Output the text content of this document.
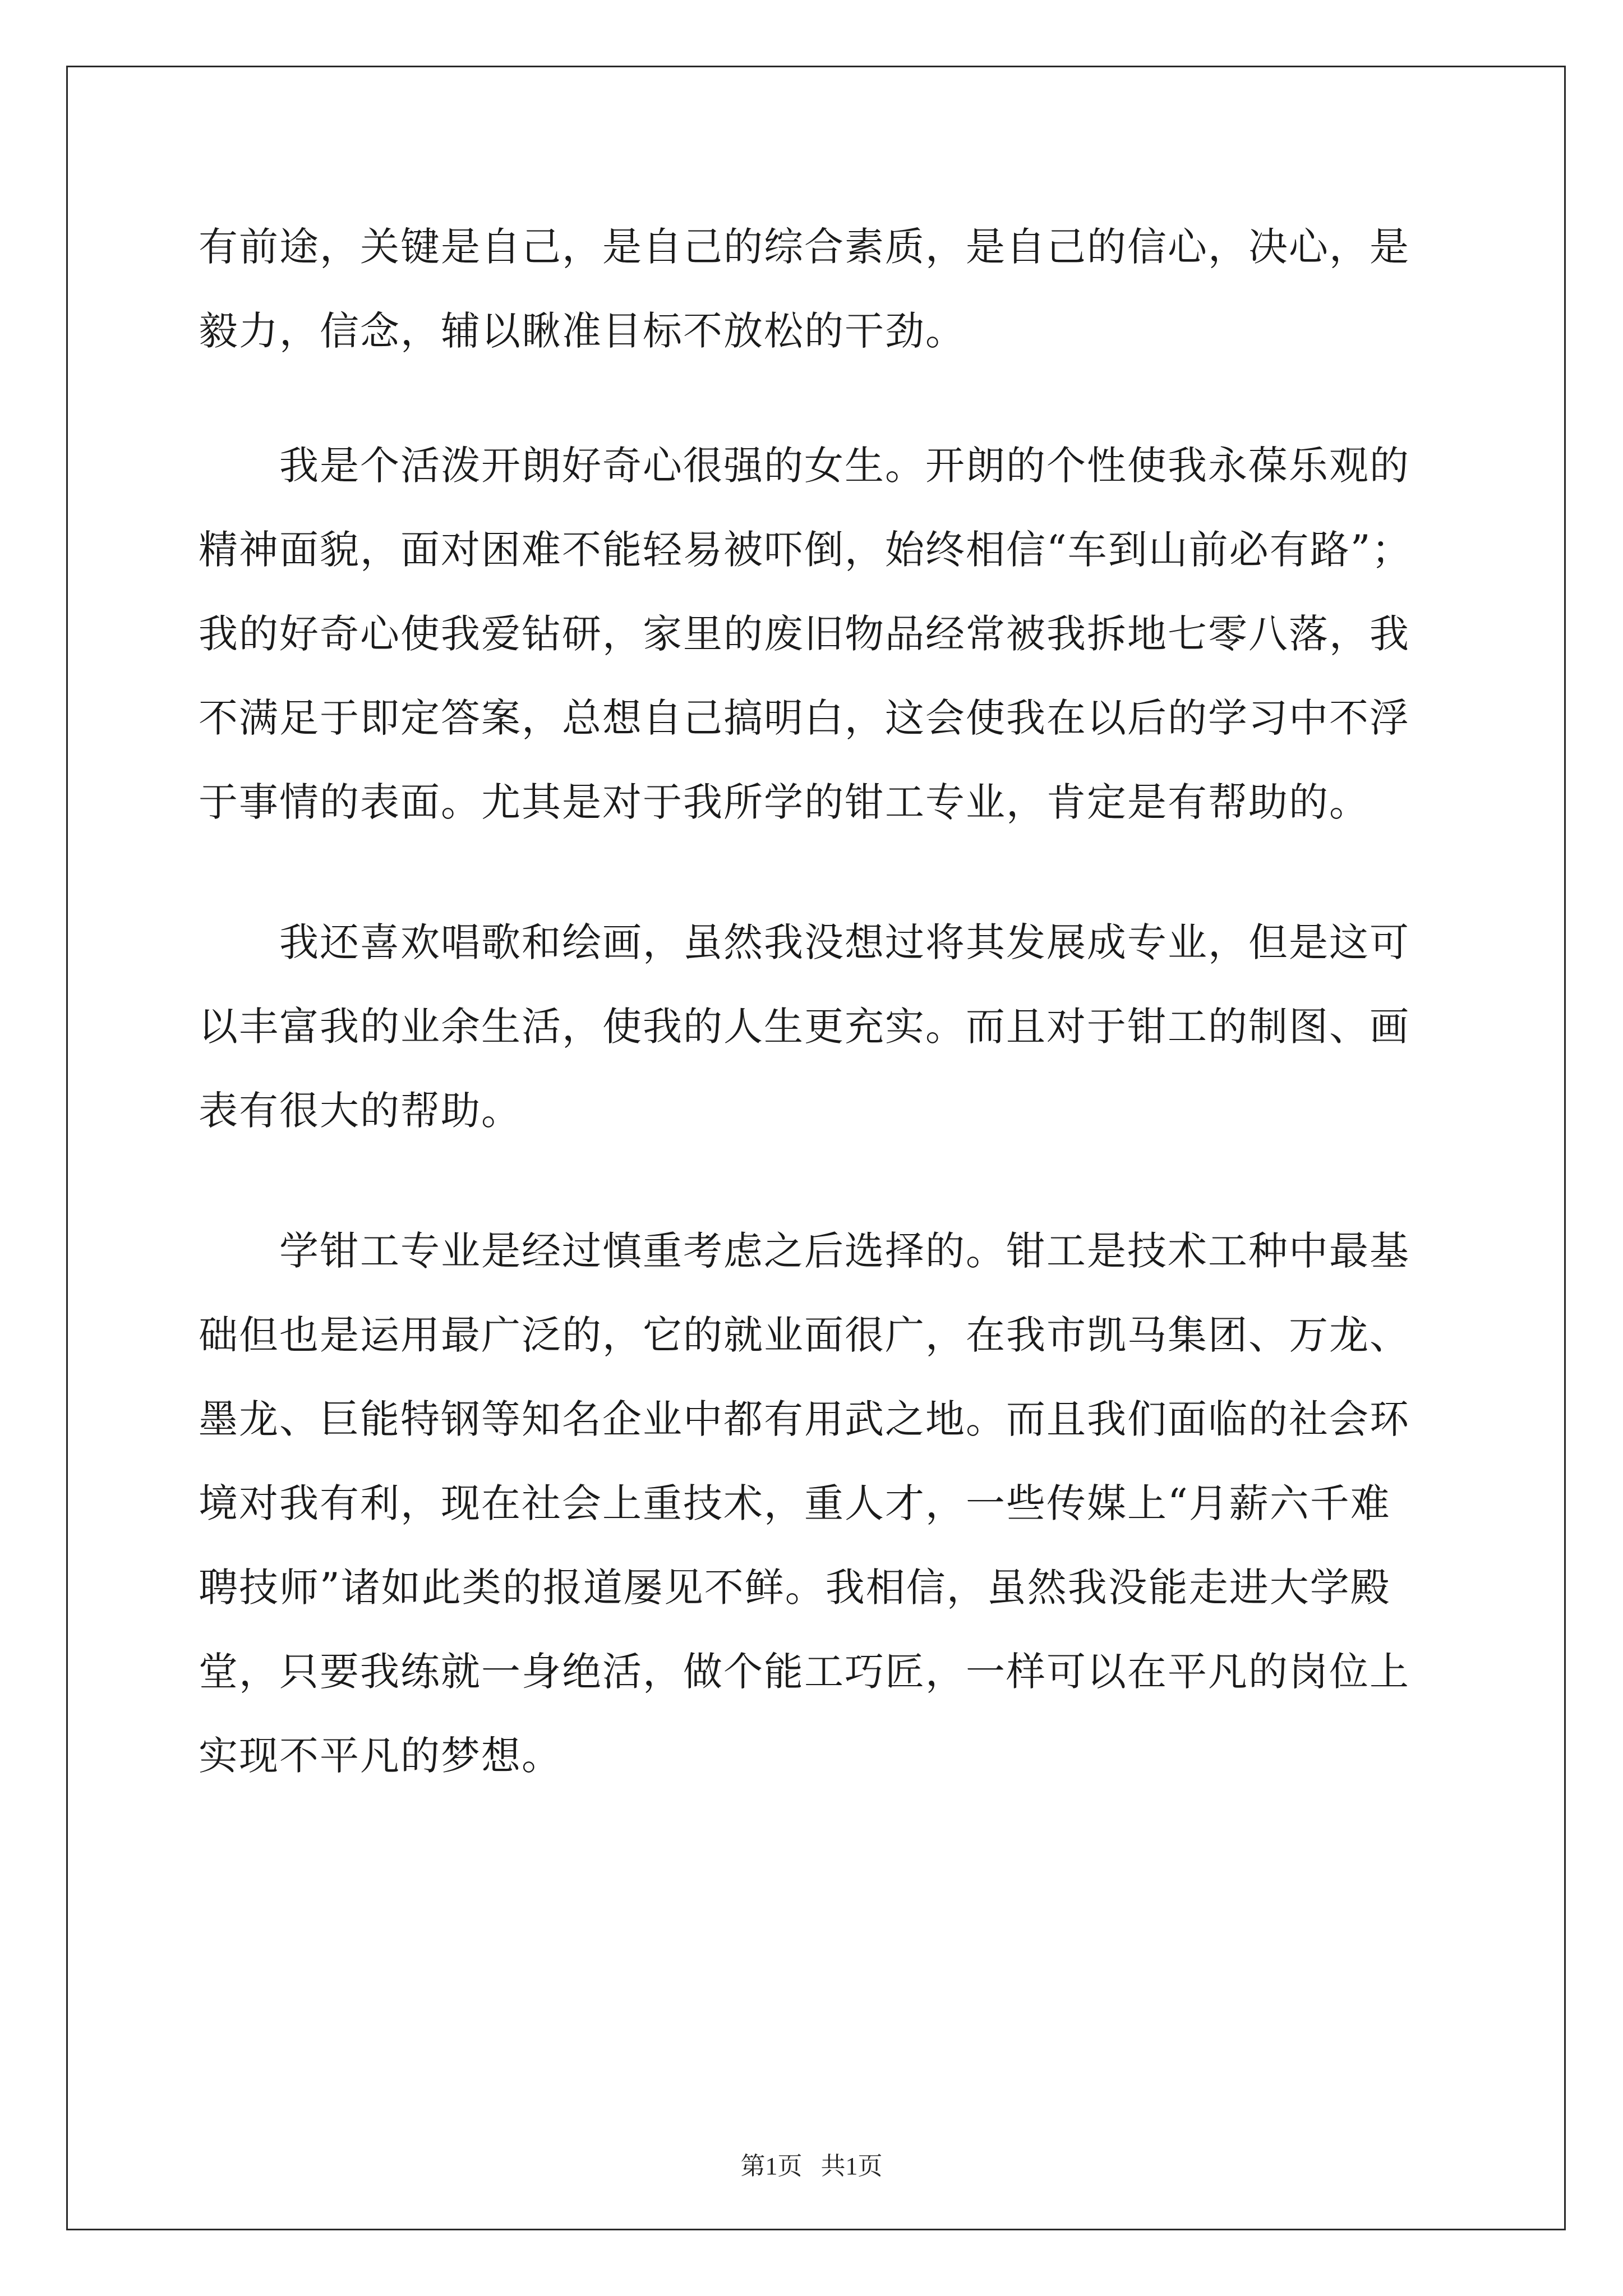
有前途，关键是自己，是自己的综合素质，是自己的信心，决心，是
毅力，信念，辅以瞅准目标不放松的干劲。
　　我是个活泼开朗好奇心很强的女生。开朗的个性使我永葆乐观的
精神面貌，面对困难不能轻易被吓倒，始终相信“车到山前必有路”；
我的好奇心使我爱钻研，家里的废旧物品经常被我拆地七零八落，我
不满足于即定答案，总想自己搞明白，这会使我在以后的学习中不浮
于事情的表面。尤其是对于我所学的钳工专业，肯定是有帮助的。
　　我还喜欢唱歌和绘画，虽然我没想过将其发展成专业，但是这可
以丰富我的业余生活，使我的人生更充实。而且对于钳工的制图、画
表有很大的帮助。
　　学钳工专业是经过慎重考虑之后选择的。钳工是技术工种中最基
础但也是运用最广泛的，它的就业面很广，在我市凯马集团、万龙、
墨龙、巨能特钢等知名企业中都有用武之地。而且我们面临的社会环
境对我有利，现在社会上重技术，重人才，一些传媒上“月薪六千难
聘技师”诸如此类的报道屡见不鲜。我相信，虽然我没能走进大学殿
堂，只要我练就一身绝活，做个能工巧匠，一样可以在平凡的岗位上
实现不平凡的梦想。
第1页 共1页
